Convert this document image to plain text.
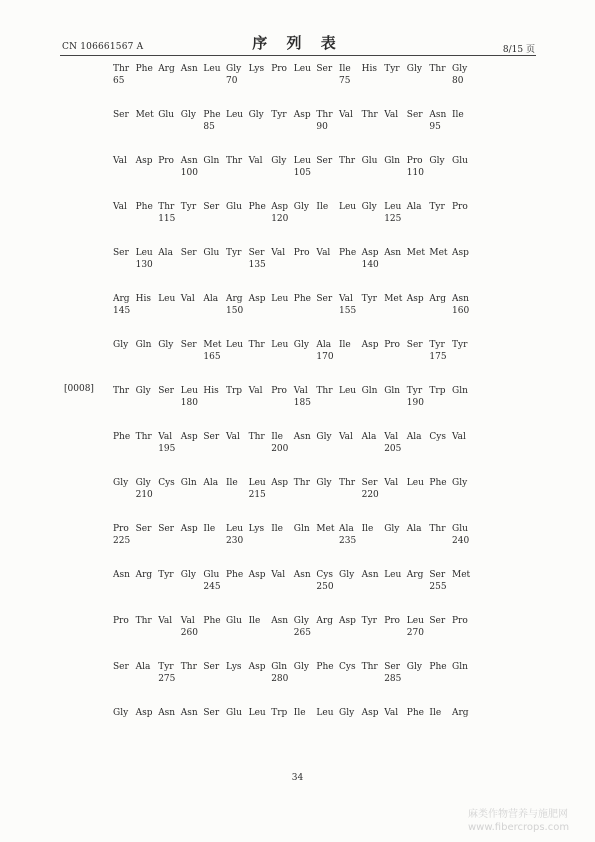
CN 106661567 A	序 列 表	8/15 页
[0008]
Thr Phe Arg Asn Leu Gly Lys Pro Leu Ser Ile His Tyr Gly Thr Gly
65	70	75	80
Ser Met Glu Gly Phe Leu Gly Tyr Asp Thr Val Thr Val Ser Asn Ile
85	90	95
Val Asp Pro Asn Gln Thr Val Gly Leu Ser Thr Glu Gln Pro Gly Glu
100	105	110
Val Phe Thr Tyr Ser Glu Phe Asp Gly Ile Leu Gly Leu Ala Tyr Pro
115	120	125
Ser Leu Ala Ser Glu Tyr Ser Val Pro Val Phe Asp Asn Met Met Asp
130	135	140
Arg His Leu Val Ala Arg Asp Leu Phe Ser Val Tyr Met Asp Arg Asn
145	150	155	160
Gly Gln Gly Ser Met Leu Thr Leu Gly Ala Ile Asp Pro Ser Tyr Tyr
165	170	175
Thr Gly Ser Leu His Trp Val Pro Val Thr Leu Gln Gln Tyr Trp Gln
180	185	190
Phe Thr Val Asp Ser Val Thr Ile Asn Gly Val Ala Val Ala Cys Val
195	200	205
Gly Gly Cys Gln Ala Ile Leu Asp Thr Gly Thr Ser Val Leu Phe Gly
210	215	220
Pro Ser Ser Asp Ile Leu Lys Ile Gln Met Ala Ile Gly Ala Thr Glu
225	230	235	240
Asn Arg Tyr Gly Glu Phe Asp Val Asn Cys Gly Asn Leu Arg Ser Met
245	250	255
Pro Thr Val Val Phe Glu Ile Asn Gly Arg Asp Tyr Pro Leu Ser Pro
260	265	270
Ser Ala Tyr Thr Ser Lys Asp Gln Gly Phe Cys Thr Ser Gly Phe Gln
275	280	285
Gly Asp Asn Asn Ser Glu Leu Trp Ile Leu Gly Asp Val Phe Ile Arg
34
麻类作物营养与施肥网
www.fibercrops.com
